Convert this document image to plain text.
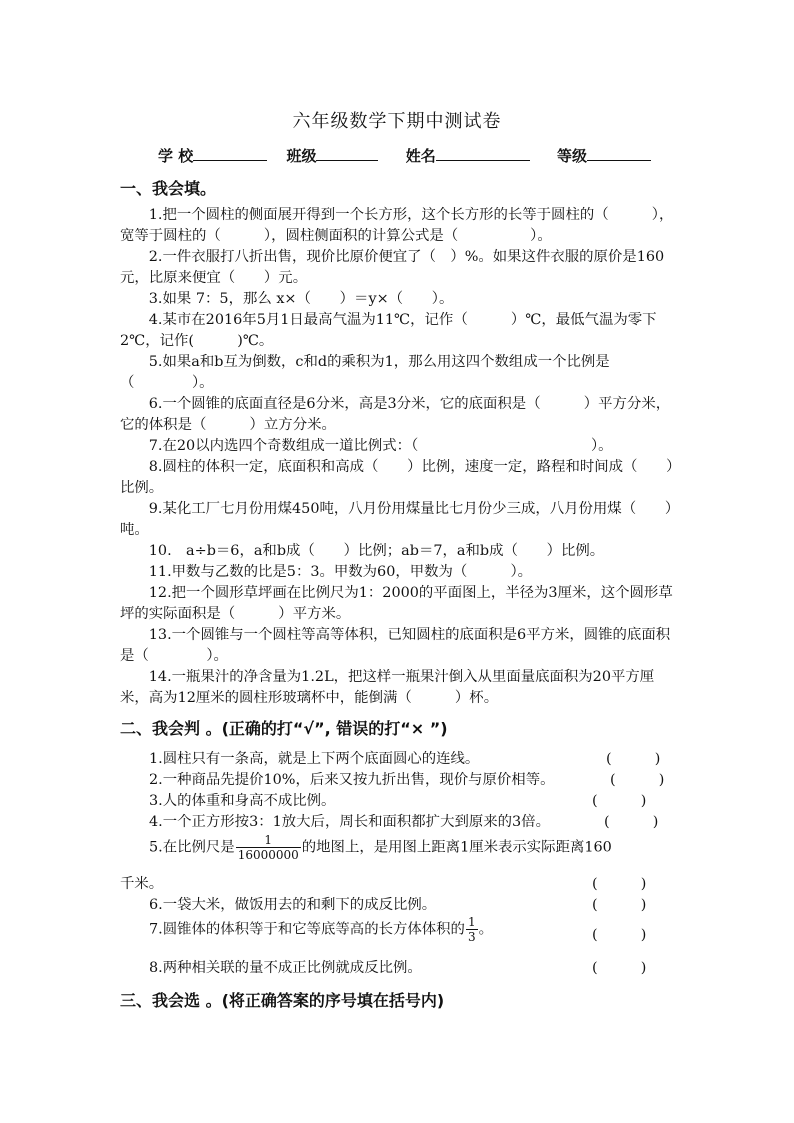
六年级数学下期中测试卷
学 校	班级	姓名	等级
一、我会填。

　　1.把一个圆柱的侧面展开得到一个长方形，这个长方形的长等于圆柱的（　　　），宽等于圆柱的（　　　），圆柱侧面积的计算公式是（　　　　　）。

　　2.一件衣服打八折出售，现价比原价便宜了（　）%。如果这件衣服的原价是160元，比原来便宜（　　）元。

　　3.如果 7：5，那么 x×（　　）＝y×（　　）。

　　4.某市在2016年5月1日最高气温为11℃，记作（　　　）℃，最低气温为零下2℃，记作(　　　)℃。

　　5.如果a和b互为倒数，c和d的乘积为1，那么用这四个数组成一个比例是（　　　　）。

　　6.一个圆锥的底面直径是6分米，高是3分米，它的底面积是（　　　）平方分米，它的体积是（　　　）立方分米。

　　7.在20以内选四个奇数组成一道比例式：（　　　　　　　　　　　　）。

　　8.圆柱的体积一定，底面积和高成（　　）比例，速度一定，路程和时间成（　　）比例。

　　9.某化工厂七月份用煤450吨，八月份用煤量比七月份少三成，八月份用煤（　　）吨。

　　10.　a÷b＝6，a和b成（　　）比例；ab＝7，a和b成（　　）比例。

　　11.甲数与乙数的比是5：3。甲数为60，甲数为（　　　）。

　　12.把一个圆形草坪画在比例尺为1：2000的平面图上，半径为3厘米，这个圆形草坪的实际面积是（　　　）平方米。

　　13.一个圆锥与一个圆柱等高等体积，已知圆柱的底面积是6平方米，圆锥的底面积是（　　　　）。

　　14.一瓶果汁的净含量为1.2L，把这样一瓶果汁倒入从里面量底面积为20平方厘米，高为12厘米的圆柱形玻璃杯中，能倒满（　　　）杯。

二、我会判 。(正确的打“√”, 错误的打“× ”)
1.圆柱只有一条高，就是上下两个底面圆心的连线。	(　　　)
2.一种商品先提价10%，后来又按九折出售，现价与原价相等。	(　　　)
3.人的体重和身高不成比例。	(　　　)
4.一个正方形按3：1放大后，周长和面积都扩大到原来的3倍。	(　　　)
5.在比例尺是 $\frac{1}{16000000}$ 的地图上，是用图上距离1厘米表示实际距离160
千米。	(　　　)
6.一袋大米，做饭用去的和剩下的成反比例。	(　　　)
7.圆锥体的体积等于和它等底等高的长方体体积的 $\frac{1}{3}$ 。	(　　　)
8.两种相关联的量不成正比例就成反比例。	(　　　)
三、我会选 。(将正确答案的序号填在括号内)
